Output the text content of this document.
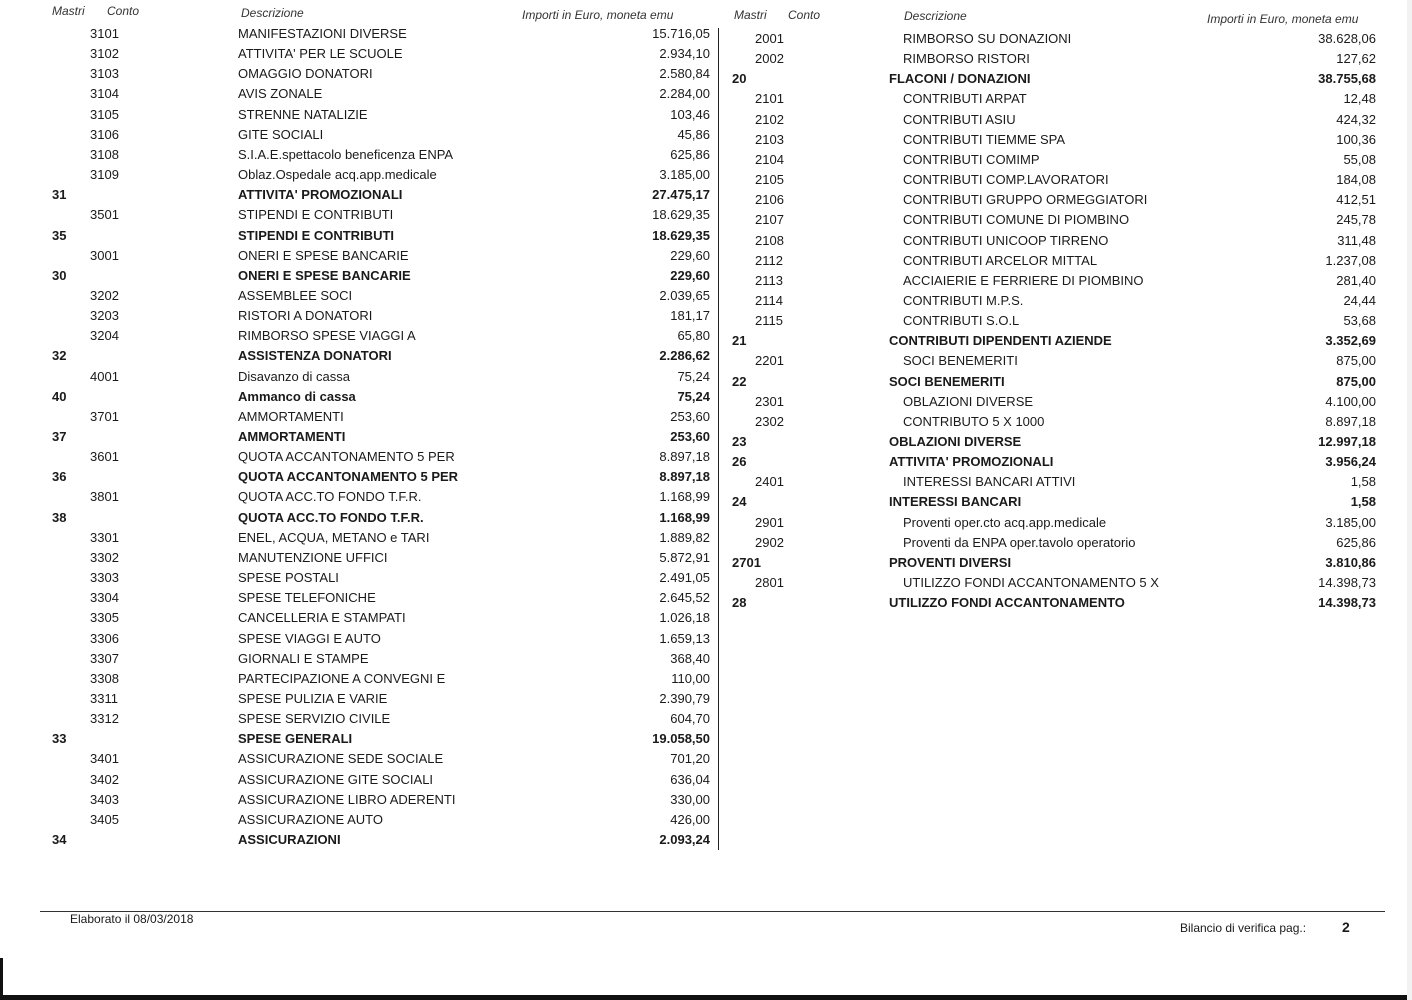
Mastri Conto	Descrizione	Importi in Euro, moneta emu	Mastri Conto	Descrizione	Importi in Euro, moneta emu
3101	MANIFESTAZIONI DIVERSE	15.716,05
3102	ATTIVITA' PER LE SCUOLE	2.934,10
3103	OMAGGIO DONATORI	2.580,84
3104	AVIS ZONALE	2.284,00
3105	STRENNE NATALIZIE	103,46
3106	GITE SOCIALI	45,86
3108	S.I.A.E.spettacolo beneficenza ENPA	625,86
3109	Oblaz.Ospedale acq.app.medicale	3.185,00
31	ATTIVITA' PROMOZIONALI	27.475,17
3501	STIPENDI E CONTRIBUTI	18.629,35
35	STIPENDI E CONTRIBUTI	18.629,35
3001	ONERI E SPESE BANCARIE	229,60
30	ONERI E SPESE BANCARIE	229,60
3202	ASSEMBLEE SOCI	2.039,65
3203	RISTORI A DONATORI	181,17
3204	RIMBORSO SPESE VIAGGI A	65,80
32	ASSISTENZA DONATORI	2.286,62
4001	Disavanzo di cassa	75,24
40	Ammanco di cassa	75,24
3701	AMMORTAMENTI	253,60
37	AMMORTAMENTI	253,60
3601	QUOTA ACCANTONAMENTO 5 PER	8.897,18
36	QUOTA ACCANTONAMENTO 5 PER	8.897,18
3801	QUOTA ACC.TO FONDO T.F.R.	1.168,99
38	QUOTA ACC.TO FONDO T.F.R.	1.168,99
3301	ENEL, ACQUA, METANO e TARI	1.889,82
3302	MANUTENZIONE UFFICI	5.872,91
3303	SPESE POSTALI	2.491,05
3304	SPESE TELEFONICHE	2.645,52
3305	CANCELLERIA E STAMPATI	1.026,18
3306	SPESE VIAGGI E AUTO	1.659,13
3307	GIORNALI E STAMPE	368,40
3308	PARTECIPAZIONE A CONVEGNI E	110,00
3311	SPESE PULIZIA E VARIE	2.390,79
3312	SPESE SERVIZIO CIVILE	604,70
33	SPESE GENERALI	19.058,50
3401	ASSICURAZIONE SEDE SOCIALE	701,20
3402	ASSICURAZIONE GITE SOCIALI	636,04
3403	ASSICURAZIONE LIBRO ADERENTI	330,00
3405	ASSICURAZIONE AUTO	426,00
34	ASSICURAZIONI	2.093,24
2001	RIMBORSO SU DONAZIONI	38.628,06
2002	RIMBORSO RISTORI	127,62
20	FLACONI / DONAZIONI	38.755,68
2101	CONTRIBUTI ARPAT	12,48
2102	CONTRIBUTI ASIU	424,32
2103	CONTRIBUTI TIEMME SPA	100,36
2104	CONTRIBUTI COMIMP	55,08
2105	CONTRIBUTI COMP.LAVORATORI	184,08
2106	CONTRIBUTI GRUPPO ORMEGGIATORI	412,51
2107	CONTRIBUTI COMUNE DI PIOMBINO	245,78
2108	CONTRIBUTI UNICOOP TIRRENO	311,48
2112	CONTRIBUTI ARCELOR MITTAL	1.237,08
2113	ACCIAIERIE E FERRIERE DI PIOMBINO	281,40
2114	CONTRIBUTI M.P.S.	24,44
2115	CONTRIBUTI S.O.L	53,68
21	CONTRIBUTI DIPENDENTI AZIENDE	3.352,69
2201	SOCI BENEMERITI	875,00
22	SOCI BENEMERITI	875,00
2301	OBLAZIONI DIVERSE	4.100,00
2302	CONTRIBUTO 5 X 1000	8.897,18
23	OBLAZIONI DIVERSE	12.997,18
26	ATTIVITA' PROMOZIONALI	3.956,24
2401	INTERESSI BANCARI ATTIVI	1,58
24	INTERESSI BANCARI	1,58
2901	Proventi oper.cto acq.app.medicale	3.185,00
2902	Proventi da ENPA oper.tavolo operatorio	625,86
2701	PROVENTI DIVERSI	3.810,86
2801	UTILIZZO FONDI ACCANTONAMENTO 5 X	14.398,73
28	UTILIZZO FONDI ACCANTONAMENTO	14.398,73
Elaborato il 08/03/2018
Bilancio di verifica pag.:	2
